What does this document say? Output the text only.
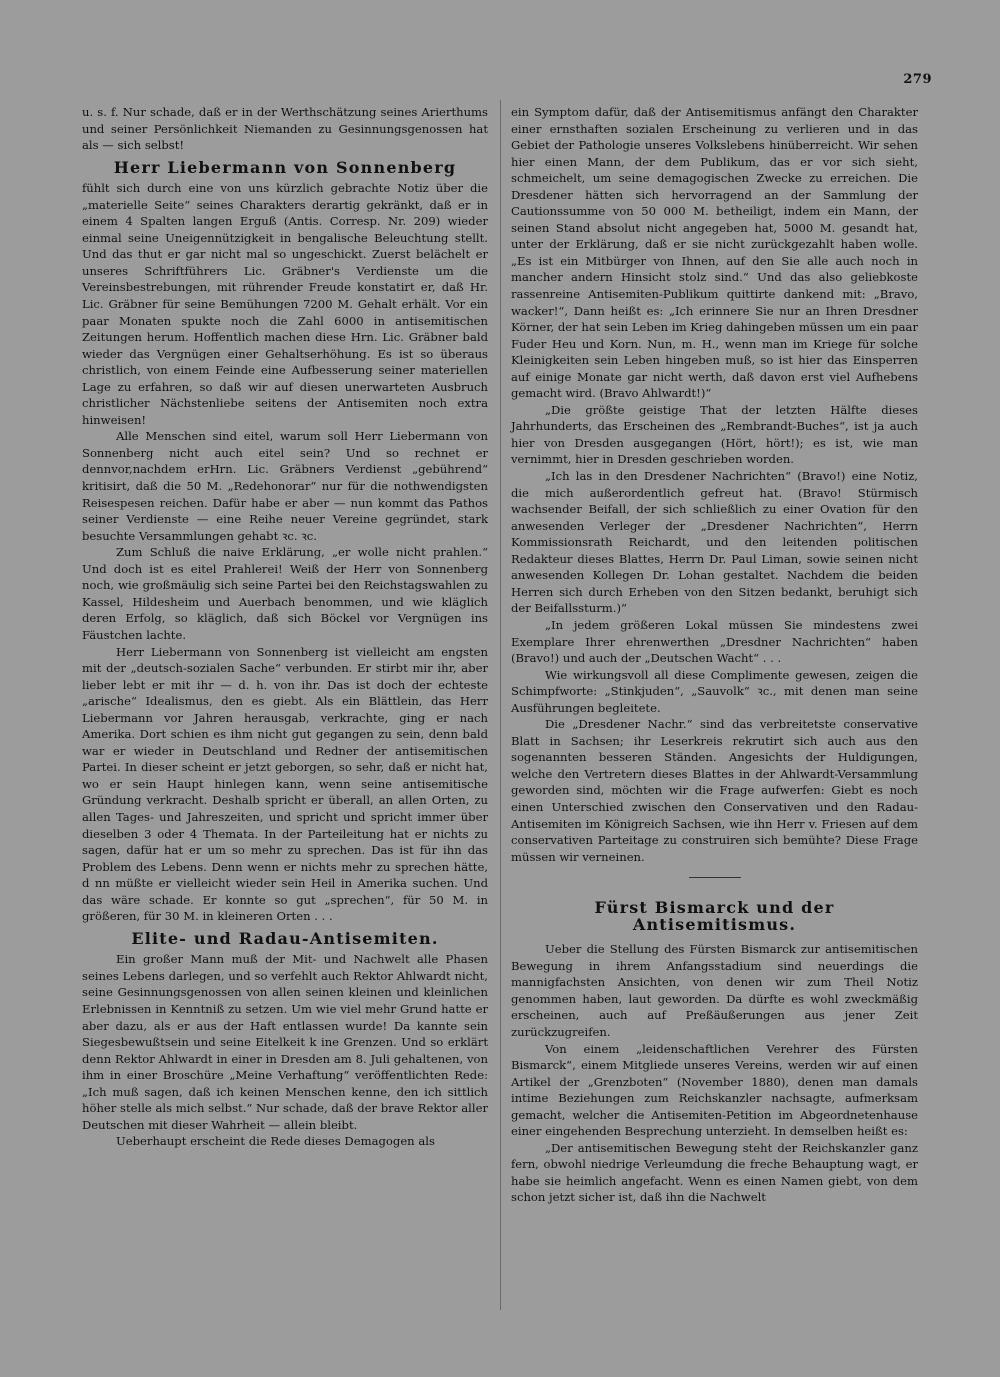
279

u. s. f. Nur schade, daß er in der Werthschätzung seines Arierthums und seiner Persönlichkeit Niemanden zu Gesinnungsgenossen hat als — sich selbst!

Herr Liebermann von Sonnenberg

fühlt sich durch eine von uns kürzlich gebrachte Notiz über die „materielle Seite“ seines Charakters derartig gekränkt, daß er in einem 4 Spalten langen Erguß (Antis. Corresp. Nr. 209) wieder einmal seine Uneigennützigkeit in bengalische Beleuchtung stellt. Und das thut er gar nicht mal so ungeschickt. Zuerst belächelt er unseres Schriftführers Lic. Gräbner's Verdienste um die Vereinsbestrebungen, mit rührender Freude konstatirt er, daß Hr. Lic. Gräbner für seine Bemühungen 7200 M. Gehalt erhält. Vor ein paar Monaten spukte noch die Zahl 6000 in antisemitischen Zeitungen herum. Hoffentlich machen diese Hrn. Lic. Gräbner bald wieder das Vergnügen einer Gehaltserhöhung. Es ist so überaus christlich, von einem Feinde eine Aufbesserung seiner materiellen Lage zu erfahren, so daß wir auf diesen unerwarteten Ausbruch christlicher Nächstenliebe seitens der Antisemiten noch extra hinweisen!

Alle Menschen sind eitel, warum soll Herr Liebermann von Sonnenberg nicht auch eitel sein? Und so rechnet er dennvor,nachdem erHrn. Lic. Gräbners Verdienst „gebührend“ kritisirt, daß die 50 M. „Redehonorar“ nur für die nothwendigsten Reisespesen reichen. Dafür habe er aber — nun kommt das Pathos seiner Verdienste — eine Reihe neuer Vereine gegründet, stark besuchte Versammlungen gehabt ꝛc. ꝛc.

Zum Schluß die naive Erklärung, „er wolle nicht prahlen.“ Und doch ist es eitel Prahlerei! Weiß der Herr von Sonnenberg noch, wie großmäulig sich seine Partei bei den Reichstagswahlen zu Kassel, Hildesheim und Auerbach benommen, und wie kläglich deren Erfolg, so kläglich, daß sich Böckel vor Vergnügen ins Fäustchen lachte.

Herr Liebermann von Sonnenberg ist vielleicht am engsten mit der „deutsch-sozialen Sache“ verbunden. Er stirbt mir ihr, aber lieber lebt er mit ihr — d. h. von ihr. Das ist doch der echteste „arische“ Idealismus, den es giebt. Als ein Blättlein, das Herr Liebermann vor Jahren herausgab, verkrachte, ging er nach Amerika. Dort schien es ihm nicht gut gegangen zu sein, denn bald war er wieder in Deutschland und Redner der antisemitischen Partei. In dieser scheint er jetzt geborgen, so sehr, daß er nicht hat, wo er sein Haupt hinlegen kann, wenn seine antisemitische Gründung verkracht. Deshalb spricht er überall, an allen Orten, zu allen Tages- und Jahreszeiten, und spricht und spricht immer über dieselben 3 oder 4 Themata. In der Parteileitung hat er nichts zu sagen, dafür hat er um so mehr zu sprechen. Das ist für ihn das Problem des Lebens. Denn wenn er nichts mehr zu sprechen hätte, d nn müßte er vielleicht wieder sein Heil in Amerika suchen. Und das wäre schade. Er konnte so gut „sprechen“, für 50 M. in größeren, für 30 M. in kleineren Orten . . .

Elite- und Radau-Antisemiten.

Ein großer Mann muß der Mit- und Nachwelt alle Phasen seines Lebens darlegen, und so verfehlt auch Rektor Ahlwardt nicht, seine Gesinnungsgenossen von allen seinen kleinen und kleinlichen Erlebnissen in Kenntniß zu setzen. Um wie viel mehr Grund hatte er aber dazu, als er aus der Haft entlassen wurde! Da kannte sein Siegesbewußtsein und seine Eitelkeit k ine Grenzen. Und so erklärt denn Rektor Ahlwardt in einer in Dresden am 8. Juli gehaltenen, von ihm in einer Broschüre „Meine Verhaftung“ veröffentlichten Rede: „Ich muß sagen, daß ich keinen Menschen kenne, den ich sittlich höher stelle als mich selbst.“ Nur schade, daß der brave Rektor aller Deutschen mit dieser Wahrheit — allein bleibt.

Ueberhaupt erscheint die Rede dieses Demagogen als

ein Symptom dafür, daß der Antisemitismus anfängt den Charakter einer ernsthaften sozialen Erscheinung zu verlieren und in das Gebiet der Pathologie unseres Volkslebens hinüberreicht. Wir sehen hier einen Mann, der dem Publikum, das er vor sich sieht, schmeichelt, um seine demagogischen Zwecke zu erreichen. Die Dresdener hätten sich hervorragend an der Sammlung der Cautionssumme von 50 000 M. betheiligt, indem ein Mann, der seinen Stand absolut nicht angegeben hat, 5000 M. gesandt hat, unter der Erklärung, daß er sie nicht zurückgezahlt haben wolle. „Es ist ein Mitbürger von Ihnen, auf den Sie alle auch noch in mancher andern Hinsicht stolz sind.“ Und das also geliebkoste rassenreine Antisemiten-Publikum quittirte dankend mit: „Bravo, wacker!“, Dann heißt es: „Ich erinnere Sie nur an Ihren Dresdner Körner, der hat sein Leben im Krieg dahingeben müssen um ein paar Fuder Heu und Korn. Nun, m. H., wenn man im Kriege für solche Kleinigkeiten sein Leben hingeben muß, so ist hier das Einsperren auf einige Monate gar nicht werth, daß davon erst viel Aufhebens gemacht wird. (Bravo Ahlwardt!)“

„Die größte geistige That der letzten Hälfte dieses Jahrhunderts, das Erscheinen des „Rembrandt-Buches“, ist ja auch hier von Dresden ausgegangen (Hört, hört!); es ist, wie man vernimmt, hier in Dresden geschrieben worden.

„Ich las in den Dresdener Nachrichten“ (Bravo!) eine Notiz, die mich außerordentlich gefreut hat. (Bravo! Stürmisch wachsender Beifall, der sich schließlich zu einer Ovation für den anwesenden Verleger der „Dresdener Nachrichten“, Herrn Kommissionsrath Reichardt, und den leitenden politischen Redakteur dieses Blattes, Herrn Dr. Paul Liman, sowie seinen nicht anwesenden Kollegen Dr. Lohan gestaltet. Nachdem die beiden Herren sich durch Erheben von den Sitzen bedankt, beruhigt sich der Beifallssturm.)“

„In jedem größeren Lokal müssen Sie mindestens zwei Exemplare Ihrer ehrenwerthen „Dresdner Nachrichten“ haben (Bravo!) und auch der „Deutschen Wacht“ . . .

Wie wirkungsvoll all diese Complimente gewesen, zeigen die Schimpfworte: „Stinkjuden“, „Sauvolk“ ꝛc., mit denen man seine Ausführungen begleitete.

Die „Dresdener Nachr.“ sind das verbreitetste conservative Blatt in Sachsen; ihr Leserkreis rekrutirt sich auch aus den sogenannten besseren Ständen. Angesichts der Huldigungen, welche den Vertretern dieses Blattes in der Ahlwardt-Versammlung geworden sind, möchten wir die Frage aufwerfen: Giebt es noch einen Unterschied zwischen den Conservativen und den Radau-Antisemiten im Königreich Sachsen, wie ihn Herr v. Friesen auf dem conservativen Parteitage zu construiren sich bemühte? Diese Frage müssen wir verneinen.

Fürst Bismarck und der Antisemitismus.

Ueber die Stellung des Fürsten Bismarck zur antisemitischen Bewegung in ihrem Anfangsstadium sind neuerdings die mannigfachsten Ansichten, von denen wir zum Theil Notiz genommen haben, laut geworden. Da dürfte es wohl zweckmäßig erscheinen, auch auf Preßäußerungen aus jener Zeit zurückzugreifen.

Von einem „leidenschaftlichen Verehrer des Fürsten Bismarck“, einem Mitgliede unseres Vereins, werden wir auf einen Artikel der „Grenzboten“ (November 1880), denen man damals intime Beziehungen zum Reichskanzler nachsagte, aufmerksam gemacht, welcher die Antisemiten-Petition im Abgeordnetenhause einer eingehenden Besprechung unterzieht. In demselben heißt es:

„Der antisemitischen Bewegung steht der Reichskanzler ganz fern, obwohl niedrige Verleumdung die freche Behauptung wagt, er habe sie heimlich angefacht. Wenn es einen Namen giebt, von dem schon jetzt sicher ist, daß ihn die Nachwelt
